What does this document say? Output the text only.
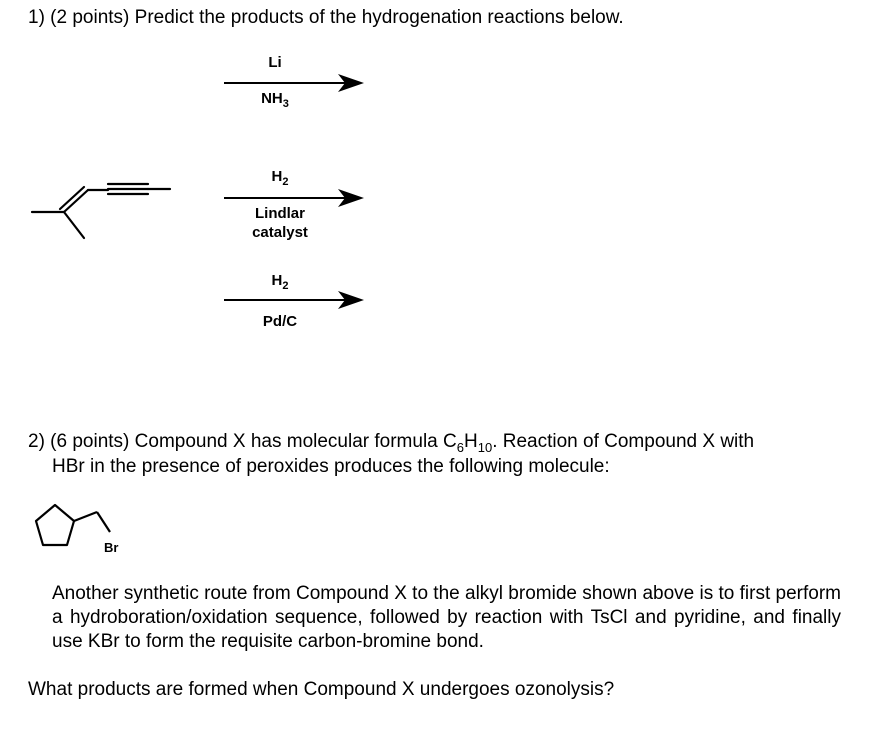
1) (2 points) Predict the products of the hydrogenation reactions below.
Li
$NH_3$
$H_2$
Lindlar
catalyst
$H_2$
Pd/C
2) (6 points) Compound X has molecular formula $C_6H_{10}$. Reaction of Compound X with
HBr in the presence of peroxides produces the following molecule:
Br
Another synthetic route from Compound X to the alkyl bromide shown above is to first perform a hydroboration/oxidation sequence, followed by reaction with TsCl and pyridine, and finally use KBr to form the requisite carbon-bromine bond.
What products are formed when Compound X undergoes ozonolysis?
